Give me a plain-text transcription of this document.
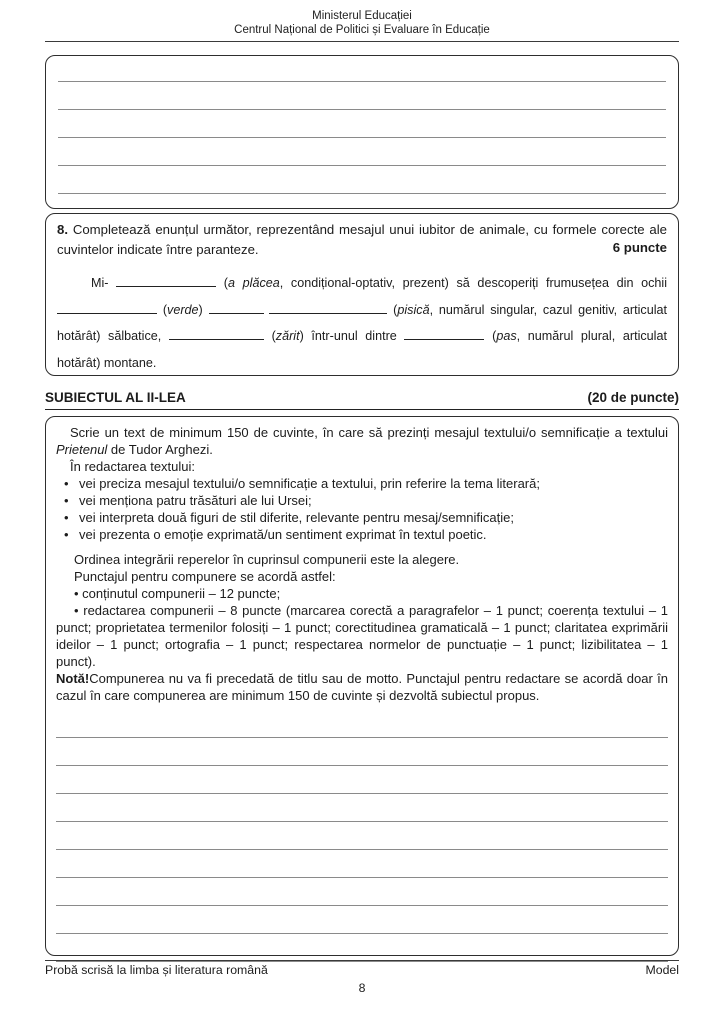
Ministerul Educației
Centrul Național de Politici și Evaluare în Educație
8. Completează enunțul următor, reprezentând mesajul unui iubitor de animale, cu formele corecte ale cuvintelor indicate între paranteze.	6 puncte
Mi-	(a plăcea, condițional-optativ, prezent) să descoperiți frumusețea din ochii  (verde)	(pisică, numărul singular, cazul genitiv, articulat hotărât) sălbatice,	(zărit) într-unul dintre	(pas, numărul plural, articulat hotărât) montane.
SUBIECTUL AL II-LEA	(20 de puncte)

Scrie un text de minimum 150 de cuvinte, în care să prezinți mesajul textului/o semnificație a textului Prietenul de Tudor Arghezi.

În redactarea textului:
• vei preciza mesajul textului/o semnificație a textului, prin referire la tema literară;
• vei menționa patru trăsături ale lui Ursei;
• vei interpreta două figuri de stil diferite, relevante pentru mesaj/semnificație;
• vei prezenta o emoție exprimată/un sentiment exprimat în textul poetic.

Ordinea integrării reperelor în cuprinsul compunerii este la alegere.

Punctajul pentru compunere se acordă astfel:

• conținutul compunerii – 12 puncte;

• redactarea compunerii – 8 puncte (marcarea corectă a paragrafelor – 1 punct; coerența textului – 1 punct; proprietatea termenilor folosiți – 1 punct; corectitudinea gramaticală – 1 punct; claritatea exprimării ideilor – 1 punct; ortografia – 1 punct; respectarea normelor de punctuație – 1 punct; lizibilitatea – 1 punct).

Notă!Compunerea nu va fi precedată de titlu sau de motto. Punctajul pentru redactare se acordă doar în cazul în care compunerea are minimum 150 de cuvinte și dezvoltă subiectul propus.

Probă scrisă la limba și literatura română	Model
8
